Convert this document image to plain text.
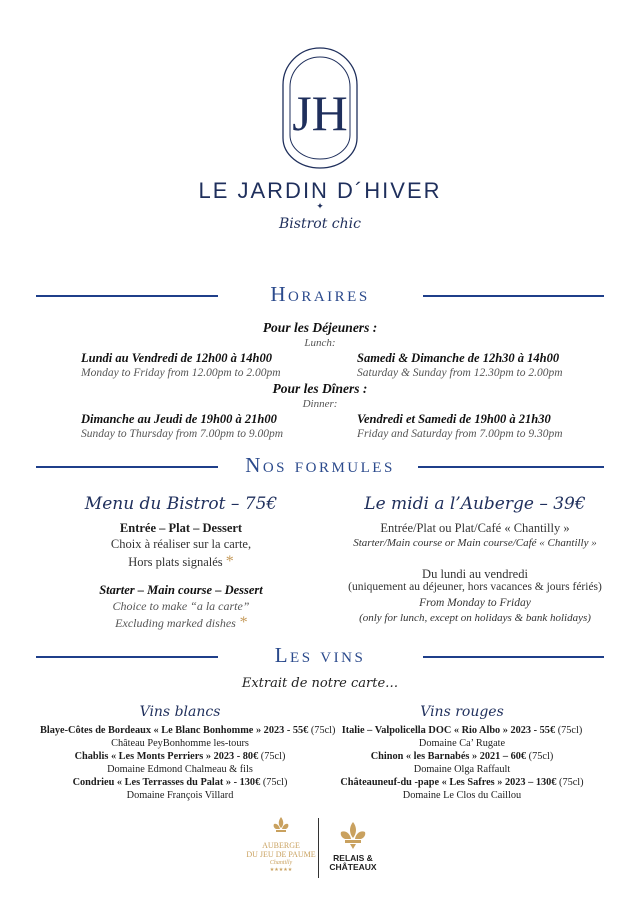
JH
LE JARDIN D´HIVER
✦
Bistrot chic
Horaires
Pour les Déjeuners :
Lunch:
Lundi au Vendredi de 12h00 à 14h00
Monday to Friday from 12.00pm to 2.00pm
Samedi & Dimanche de 12h30 à 14h00
Saturday & Sunday from 12.30pm to 2.00pm
Pour les Dîners :
Dinner:
Dimanche au Jeudi de 19h00 à 21h00
Sunday to Thursday from 7.00pm to 9.00pm
Vendredi et Samedi de 19h00 à 21h30
Friday and Saturday from 7.00pm to 9.30pm
Nos formules
Menu du Bistrot – 75€
Entrée – Plat – Dessert
Choix à réaliser sur la carte,
Hors plats signalés *
Starter – Main course – Dessert
Choice to make “a la carte”
Excluding marked dishes *
Le midi a l’Auberge – 39€
Entrée/Plat ou Plat/Café « Chantilly »
Starter/Main course or Main course/Café « Chantilly »
Du lundi au vendredi
(uniquement au déjeuner, hors vacances & jours fériés)
From Monday to Friday
(only for lunch, except on holidays & bank holidays)
Les vins
Extrait de notre carte…
Vins blancs
Blaye-Côtes de Bordeaux « Le Blanc Bonhomme » 2023 - 55€ (75cl)
Château PeyBonhomme les-tours
Chablis « Les Monts Perriers » 2023 - 80€ (75cl)
Domaine Edmond Chalmeau & fils
Condrieu « Les Terrasses du Palat » - 130€ (75cl)
Domaine François Villard
Vins rouges
Italie – Valpolicella DOC « Rio Albo » 2023 - 55€ (75cl)
Domaine Ca’ Rugate
Chinon « les Barnabés » 2021 – 60€ (75cl)
Domaine Olga Raffault
Châteauneuf-du -pape « Les Safres » 2023 – 130€ (75cl)
Domaine Le Clos du Caillou
AUBERGE
DU JEU DE PAUME
Chantilly
★★★★★
RELAIS &
CHÂTEAUX
